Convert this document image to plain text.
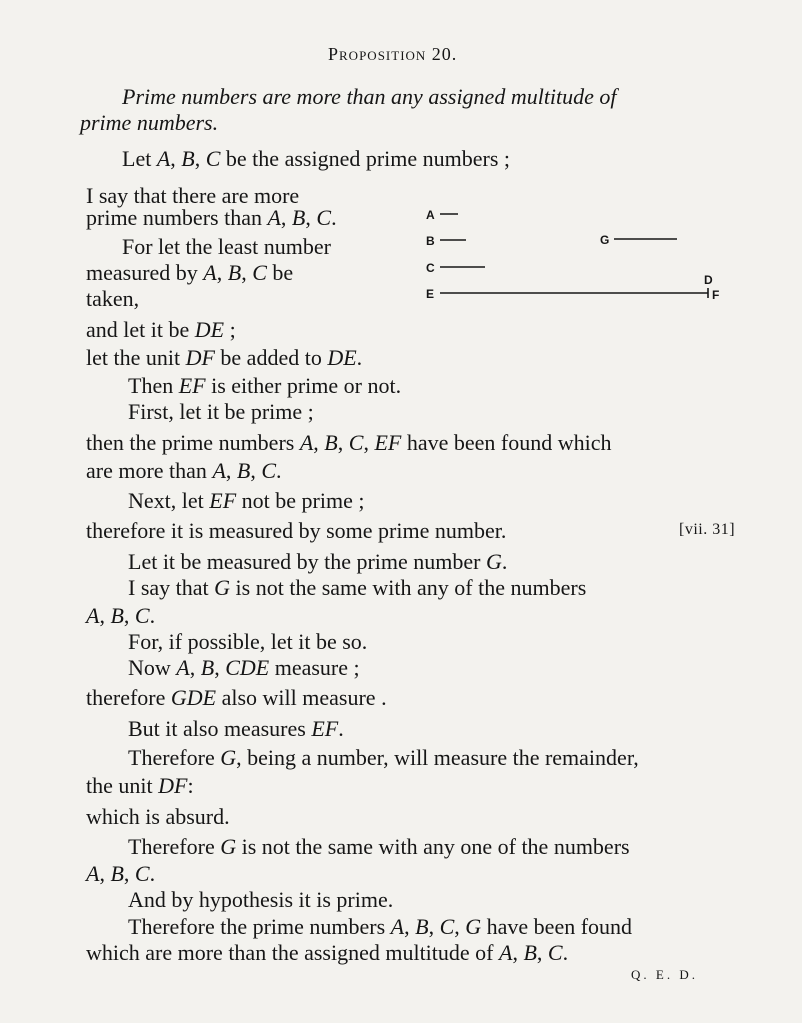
Proposition 20.
Prime numbers are more than any assigned multitude of
prime numbers.
Let A, B, C be the assigned prime numbers ;
I say that there are more
prime numbers than A, B, C.
For let the least number
measured by A, B, C be
taken,
and let it be DE ;
let the unit DF be added to DE.
Then EF is either prime or not.
First, let it be prime ;
then the prime numbers A, B, C, EF have been found which
are more than A, B, C.
Next, let EF not be prime ;
therefore it is measured by some prime number.
Let it be measured by the prime number G.
I say that G is not the same with any of the numbers
A, B, C.
For, if possible, let it be so.
Now A, B, CDE measure ;
therefore GDE also will measure .
But it also measures EF.
Therefore G, being a number, will measure the remainder,
the unit DF:
which is absurd.
Therefore G is not the same with any one of the numbers
A, B, C.
And by hypothesis it is prime.
Therefore the prime numbers A, B, C, G have been found
which are more than the assigned multitude of A, B, C.
[vii. 31]
Q. E. D.
A
B
C
E
D
F
G
